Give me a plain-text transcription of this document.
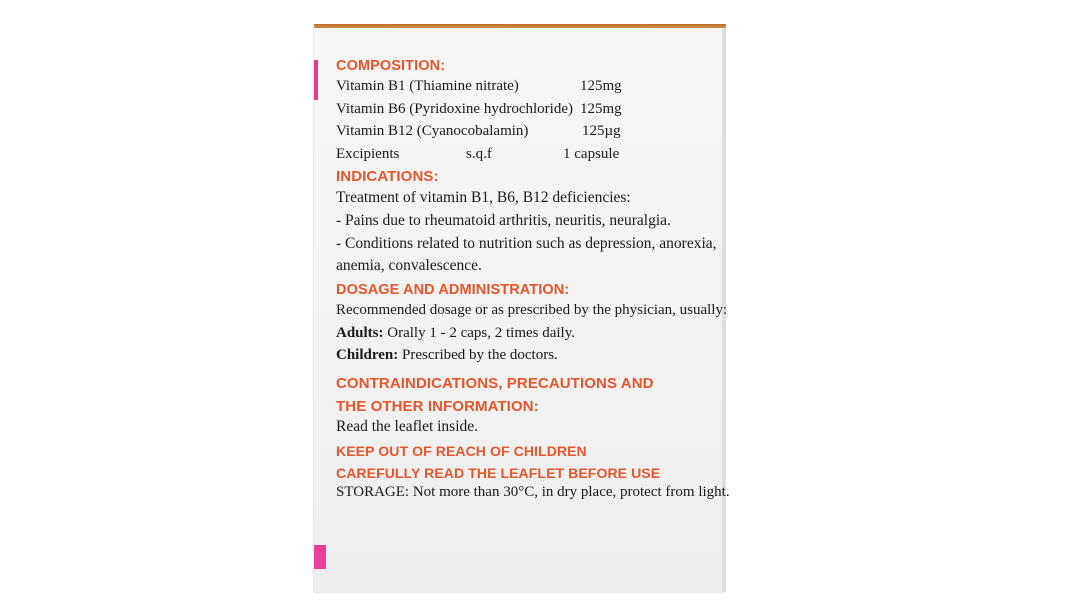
COMPOSITION:
Vitamin B1 (Thiamine nitrate)	125mg
Vitamin B6 (Pyridoxine hydrochloride) 125mg
Vitamin B12 (Cyanocobalamin)	125µg
Excipients	s.q.f	1 capsule
INDICATIONS:
Treatment of vitamin B1, B6, B12 deficiencies:
- Pains due to rheumatoid arthritis, neuritis, neuralgia.
- Conditions related to nutrition such as depression, anorexia,
anemia, convalescence.
DOSAGE AND ADMINISTRATION:
Recommended dosage or as prescribed by the physician, usually:
Adults: Orally 1 - 2 caps, 2 times daily.
Children: Prescribed by the doctors.
CONTRAINDICATIONS, PRECAUTIONS AND
THE OTHER INFORMATION:
Read the leaflet inside.
KEEP OUT OF REACH OF CHILDREN
CAREFULLY READ THE LEAFLET BEFORE USE
STORAGE: Not more than 30°C, in dry place, protect from light.
